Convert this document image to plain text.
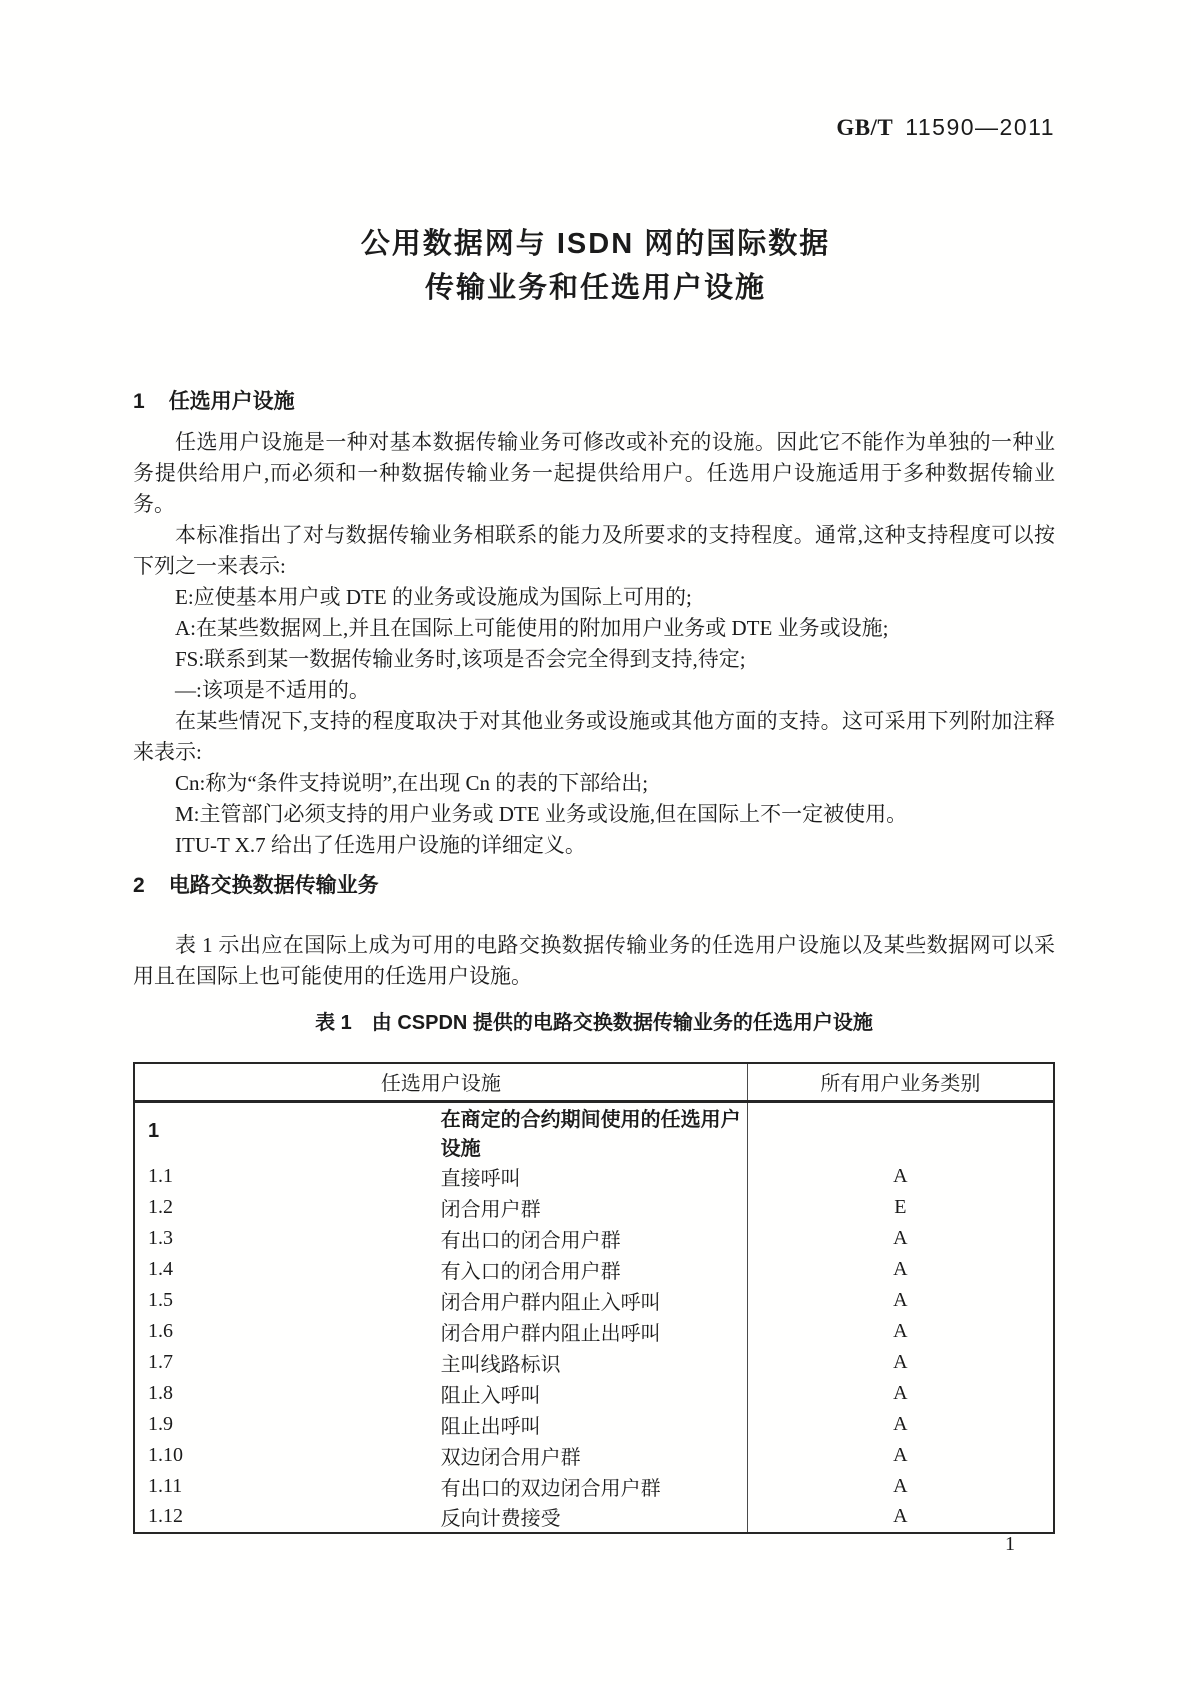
GB/T 11590—2011
公用数据网与 ISDN 网的国际数据
传输业务和任选用户设施
1 任选用户设施

任选用户设施是一种对基本数据传输业务可修改或补充的设施。因此它不能作为单独的一种业务提供给用户,而必须和一种数据传输业务一起提供给用户。任选用户设施适用于多种数据传输业务。

本标准指出了对与数据传输业务相联系的能力及所要求的支持程度。通常,这种支持程度可以按下列之一来表示:

E:应使基本用户或 DTE 的业务或设施成为国际上可用的;

A:在某些数据网上,并且在国际上可能使用的附加用户业务或 DTE 业务或设施;

FS:联系到某一数据传输业务时,该项是否会完全得到支持,待定;

—:该项是不适用的。

在某些情况下,支持的程度取决于对其他业务或设施或其他方面的支持。这可采用下列附加注释来表示:

Cn:称为“条件支持说明”,在出现 Cn 的表的下部给出;

M:主管部门必须支持的用户业务或 DTE 业务或设施,但在国际上不一定被使用。

ITU-T X.7 给出了任选用户设施的详细定义。

2 电路交换数据传输业务

表 1 示出应在国际上成为可用的电路交换数据传输业务的任选用户设施以及某些数据网可以采用且在国际上也可能使用的任选用户设施。

表 1 由 CSPDN 提供的电路交换数据传输业务的任选用户设施
任选用户设施		所有用户业务类别
1	在商定的合约期间使用的任选用户设施	
1.1	直接呼叫	A
1.2	闭合用户群	E
1.3	有出口的闭合用户群	A
1.4	有入口的闭合用户群	A
1.5	闭合用户群内阻止入呼叫	A
1.6	闭合用户群内阻止出呼叫	A
1.7	主叫线路标识	A
1.8	阻止入呼叫	A
1.9	阻止出呼叫	A
1.10	双边闭合用户群	A
1.11	有出口的双边闭合用户群	A
1.12	反向计费接受	A
1
